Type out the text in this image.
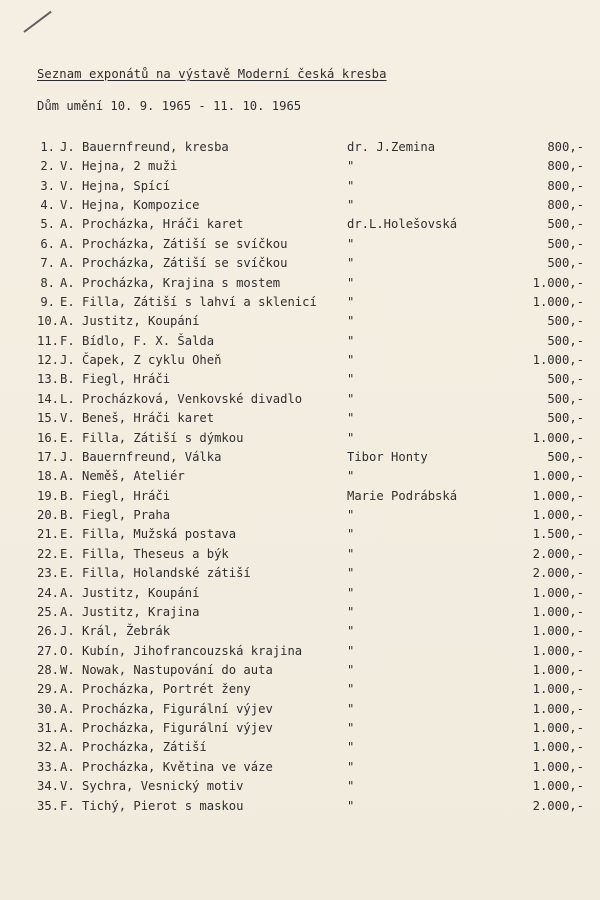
Seznam exponátů na výstavě Moderní česká kresba
Dům umění 10. 9. 1965 - 11. 10. 1965
1. J. Bauernfreund, kresba	dr. J.Zemina	800,-
2. V. Hejna, 2 muži	"	800,-
3. V. Hejna, Spící	"	800,-
4. V. Hejna, Kompozice	"	800,-
5. A. Procházka, Hráči karet	dr.L.Holešovská	500,-
6. A. Procházka, Zátiší se svíčkou	"	500,-
7. A. Procházka, Zátiší se svíčkou	"	500,-
8. A. Procházka, Krajina s mostem	"	1.000,-
9. E. Filla, Zátiší s lahví a sklenicí "	1.000,-
10. A. Justitz, Koupání	"	500,-
11. F. Bídlo, F. X. Šalda	"	500,-
12. J. Čapek, Z cyklu Oheň	"	1.000,-
13. B. Fiegl, Hráči	"	500,-
14. L. Procházková, Venkovské divadlo	"	500,-
15. V. Beneš, Hráči karet	"	500,-
16. E. Filla, Zátiší s dýmkou	"	1.000,-
17. J. Bauernfreund, Válka	Tibor Honty	500,-
18. A. Neměš, Ateliér	"	1.000,-
19. B. Fiegl, Hráči	Marie Podrábská	1.000,-
20. B. Fiegl, Praha	"	1.000,-
21. E. Filla, Mužská postava	"	1.500,-
22. E. Filla, Theseus a býk	"	2.000,-
23. E. Filla, Holandské zátiší	"	2.000,-
24. A. Justitz, Koupání	"	1.000,-
25. A. Justitz, Krajina	"	1.000,-
26. J. Král, Žebrák	"	1.000,-
27. O. Kubín, Jihofrancouzská krajina	"	1.000,-
28. W. Nowak, Nastupování do auta	"	1.000,-
29. A. Procházka, Portrét ženy	"	1.000,-
30. A. Procházka, Figurální výjev	"	1.000,-
31. A. Procházka, Figurální výjev	"	1.000,-
32. A. Procházka, Zátiší	"	1.000,-
33. A. Procházka, Květina ve váze	"	1.000,-
34. V. Sychra, Vesnický motiv	"	1.000,-
35. F. Tichý, Pierot s maskou	"	2.000,-
